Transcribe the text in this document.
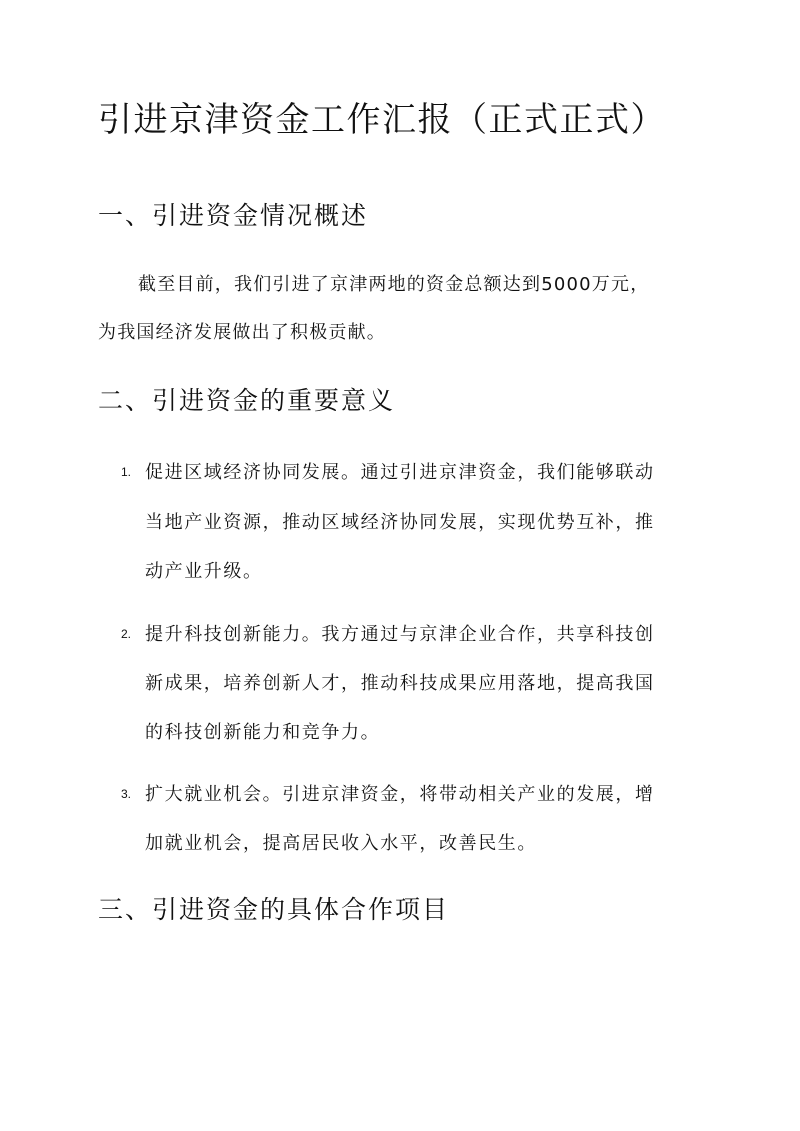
引进京津资金工作汇报（正式正式）
一、引进资金情况概述

截至目前，我们引进了京津两地的资金总额达到5000万元，

为我国经济发展做出了积极贡献。

二、引进资金的重要意义
1. 促进区域经济协同发展。通过引进京津资金，我们能够联动

当地产业资源，推动区域经济协同发展，实现优势互补，推

动产业升级。

2. 提升科技创新能力。我方通过与京津企业合作，共享科技创

新成果，培养创新人才，推动科技成果应用落地，提高我国

的科技创新能力和竞争力。

3. 扩大就业机会。引进京津资金，将带动相关产业的发展，增

加就业机会，提高居民收入水平，改善民生。

三、引进资金的具体合作项目
